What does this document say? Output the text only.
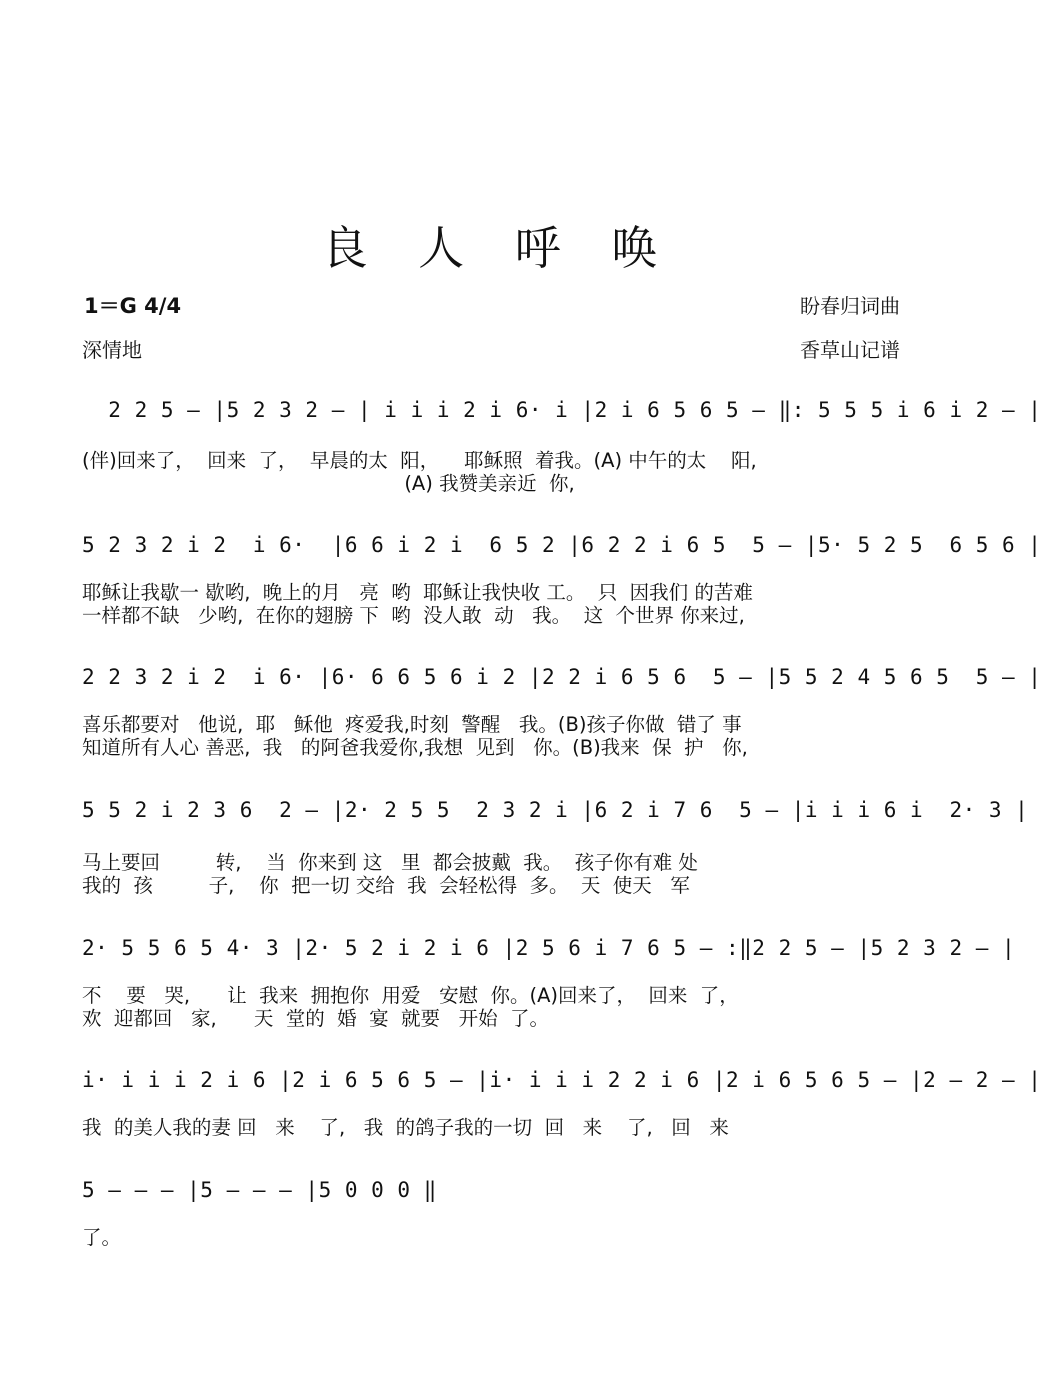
良 人 呼 唤
1＝G 4/4
深情地
盼春归词曲
香草山记谱
2 2 5 — |5 2 3 2 — | i i i 2 i 6· i |2 i 6 5 6 5 — ‖: 5 5 5 i 6 i 2 — |
(伴)回来了，  回来  了，  早晨的太  阳，    耶稣照  着我。(A) 中午的太    阳,
(A) 我赞美亲近  你,
5 2 3 2 i 2  i 6·  |6 6 i 2 i  6 5 2 |6 2 2 i 6 5  5 — |5· 5 2 5  6 5 6 |
耶稣让我歇一 歇哟,  晚上的月   亮  哟  耶稣让我快收 工。  只  因我们 的苦难
一样都不缺   少哟,  在你的翅膀 下  哟  没人敢  动   我。  这  个世界 你来过,
2 2 3 2 i 2  i 6· |6· 6 6 5 6 i 2 |2 2 i 6 5 6  5 — |5 5 2 4 5 6 5  5 — |
喜乐都要对   他说,  耶   稣他  疼爱我,时刻  警醒   我。(B)孩子你做  错了 事
知道所有人心 善恶,  我   的阿爸我爱你,我想  见到   你。(B)我来  保  护   你,
5 5 2 i 2 3 6  2 — |2· 2 5 5  2 3 2 i |6 2 i 7 6  5 — |i i i 6 i  2· 3 |
马上要回         转,    当  你来到 这   里  都会披戴  我。  孩子你有难 处
我的  孩         子,    你  把一切 交给  我  会轻松得  多。  天  使天   军
2· 5 5 6 5 4· 3 |2· 5 2 i 2 i 6 |2 5 6 i 7 6 5 — :‖2 2 5 — |5 2 3 2 — |
不    要   哭,      让  我来  拥抱你  用爱   安慰  你。(A)回来了，  回来  了，
欢  迎都回   家,      天  堂的  婚  宴  就要   开始  了。
i· i i i 2 i 6 |2 i 6 5 6 5 — |i· i i i 2 2 i 6 |2 i 6 5 6 5 — |2 — 2 — |
我  的美人我的妻 回   来    了,   我  的鸽子我的一切  回   来    了,   回   来
5 — — — |5 — — — |5 0 0 0 ‖
了。
